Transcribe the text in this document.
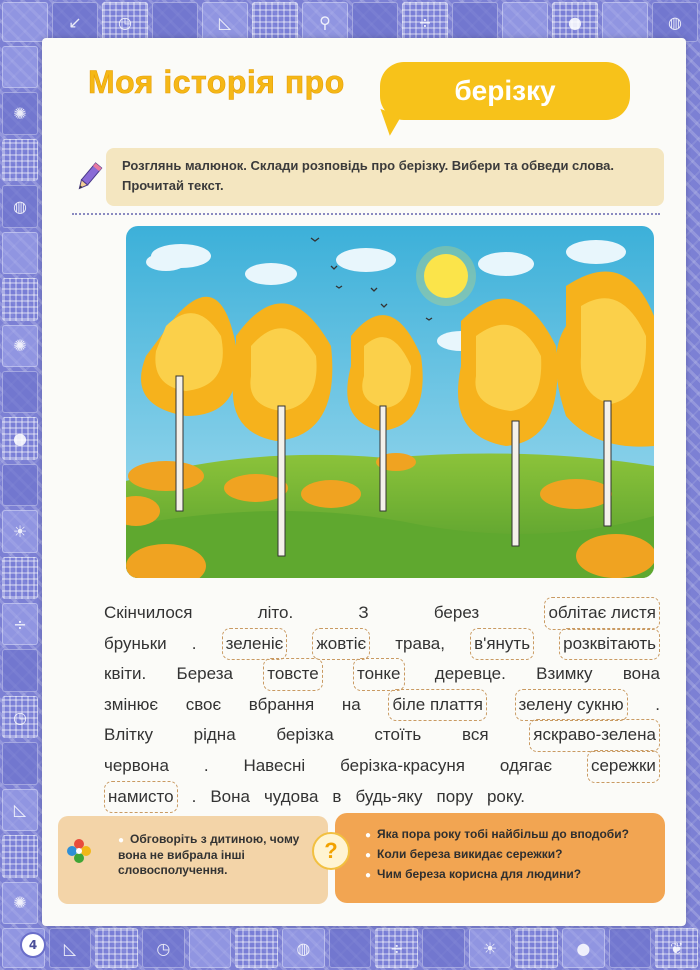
↙	◷	◺	⚲	÷	●	◍
✺
◍
✺
●
☀
÷
◷
◺
✺
◺	◷	◍	÷	☀	●	❦
4
Моя історія про	берізку
Розглянь малюнок. Склади розповідь про берізку. Вибери та обведи слова.
Прочитай текст.
Скінчилося	літо.	З	берез	облітає листя
бруньки . зеленіє жовтіє трава, в'януть розквітають
квіти. Береза товсте тонке деревце. Взимку вона
змінює своє вбрання на біле плаття зелену сукню .
Влітку рідна берізка стоїть вся	яскраво-зелена
червона . Навесні берізка-красуня одягає сережки
намисто . Вона чудова в будь-яку пору року.
● Обговоріть з дитиною, чому вона не вибрала інші словосполучення.
● Яка пора року тобі найбільш до вподоби?
● Коли береза викидає сережки?
● Чим береза корисна для людини?
?
